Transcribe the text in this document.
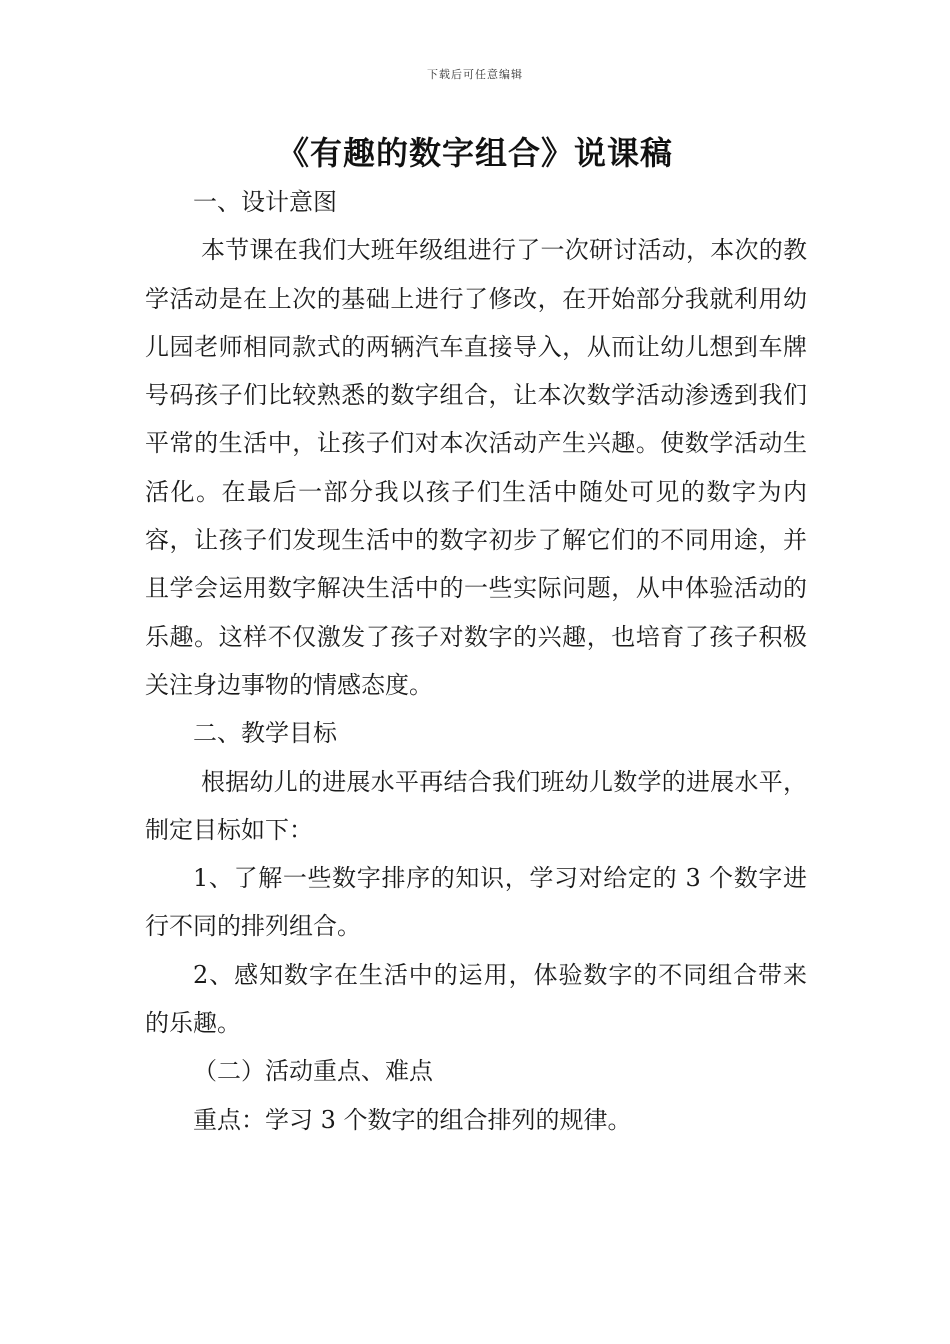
下载后可任意编辑
《有趣的数字组合》说课稿

一、设计意图

本节课在我们大班年级组进行了一次研讨活动，本次的教学活动是在上次的基础上进行了修改，在开始部分我就利用幼儿园老师相同款式的两辆汽车直接导入，从而让幼儿想到车牌号码孩子们比较熟悉的数字组合，让本次数学活动渗透到我们平常的生活中，让孩子们对本次活动产生兴趣。使数学活动生活化。在最后一部分我以孩子们生活中随处可见的数字为内容，让孩子们发现生活中的数字初步了解它们的不同用途，并且学会运用数字解决生活中的一些实际问题，从中体验活动的乐趣。这样不仅激发了孩子对数字的兴趣，也培育了孩子积极关注身边事物的情感态度。

二、教学目标

根据幼儿的进展水平再结合我们班幼儿数学的进展水平，制定目标如下：

1、了解一些数字排序的知识，学习对给定的 3 个数字进行不同的排列组合。

2、感知数字在生活中的运用，体验数字的不同组合带来的乐趣。

（二）活动重点、难点

重点：学习 3 个数字的组合排列的规律。
